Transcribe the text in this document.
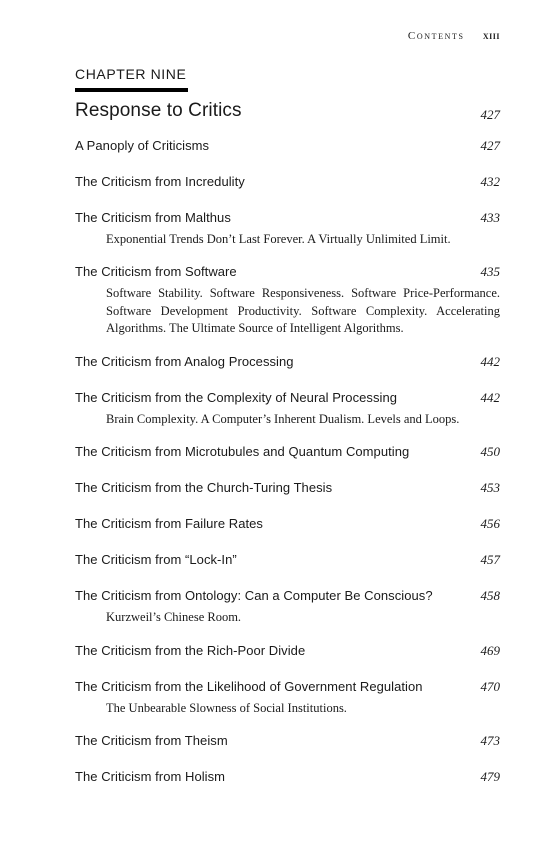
Contents xiii
CHAPTER NINE
Response to Critics	427
A Panoply of Criticisms	427
The Criticism from Incredulity	432
The Criticism from Malthus	433
Exponential Trends Don’t Last Forever. A Virtually Unlimited Limit.
The Criticism from Software	435
Software Stability. Software Responsiveness. Software Price-Performance. Software Development Productivity. Software Complexity. Accelerating Algorithms. The Ultimate Source of Intelligent Algorithms.
The Criticism from Analog Processing	442
The Criticism from the Complexity of Neural Processing	442
Brain Complexity. A Computer’s Inherent Dualism. Levels and Loops.
The Criticism from Microtubules and Quantum Computing	450
The Criticism from the Church-Turing Thesis	453
The Criticism from Failure Rates	456
The Criticism from “Lock-In”	457
The Criticism from Ontology: Can a Computer Be Conscious?	458
Kurzweil’s Chinese Room.
The Criticism from the Rich-Poor Divide	469
The Criticism from the Likelihood of Government Regulation	470
The Unbearable Slowness of Social Institutions.
The Criticism from Theism	473
The Criticism from Holism	479
